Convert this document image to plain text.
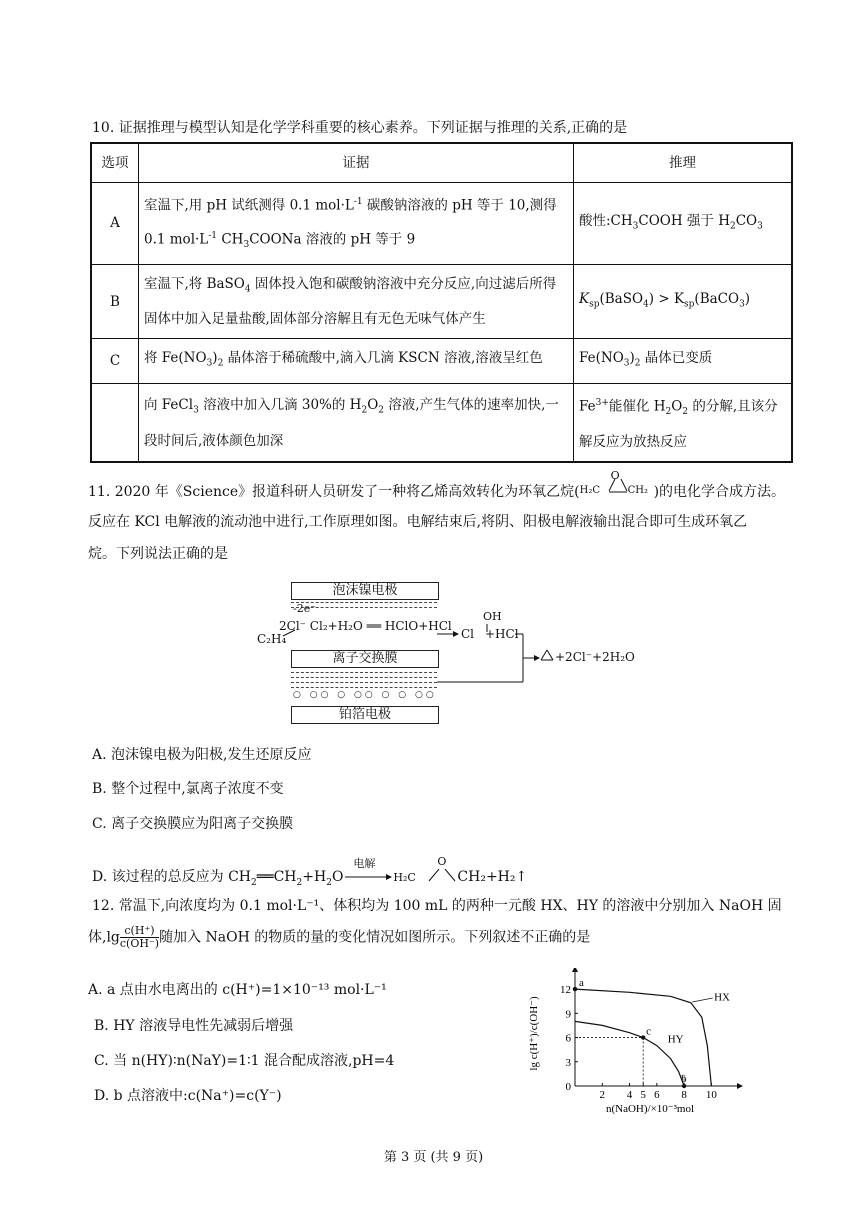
10. 证据推理与模型认知是化学学科重要的核心素养。下列证据与推理的关系,正确的是
选项	证据	推理
A	室温下,用 pH 试纸测得 0.1 $mol\cdot L^{-1}$ 碳酸钠溶液的 pH 等于 10,测得 0.1 $mol\cdot L^{-1}$ $CH_3COONa$ 溶液的 pH 等于 9	酸性$:CH_3COOH$ 强于 $H_2CO_3$
B	室温下,将 BaSO$_4$ 固体投入饱和碳酸钠溶液中充分反应,向过滤后所得固体中加入足量盐酸,固体部分溶解且有无色无味气体产生	$K_{sp}(BaSO_4)$ > $K_{sp}(BaCO_3)$
C	将 $Fe(NO_3)_2$ 晶体溶于稀硫酸中,滴入几滴 KSCN 溶液,溶液呈红色	$Fe(NO_3)_2$ 晶体已变质
	向 FeCl$_3$ 溶液中加入几滴 30%的 $H_2O_2$ 溶液,产生气体的速率加快,一段时间后,液体颜色加深	$Fe^{3+}$能催化 $H_2O_2$ 的分解,且该分解反应为放热反应
11. 2020 年《Science》报道科研人员研发了一种将乙烯高效转化为环氧乙烷(
O
H₂C	CH₂ )的电化学合成方法。
反应在 KCl 电解液的流动池中进行,工作原理如图。电解结束后,将阴、阳极电解液输出混合即可生成环氧乙
烷。下列说法正确的是
泡沫镍电极
-2e⁻
2Cl⁻ Cl₂+H₂O ══ HClO+HCl
C₂H₄	Cl
OH
+HCl
+2Cl⁻+2H₂O
离子交换膜
○ ○○ ○ ○○ ○ ○ ○○
铂箔电极
A. 泡沫镍电极为阳极,发生还原反应
B. 整个过程中,氯离子浓度不变
C. 离子交换膜应为阳离子交换膜
D. 该过程的总反应为 $CH_2══CH_2+H_2O$
电解
H₂C
O
CH₂+H₂↑
12. 常温下,向浓度均为 0.1 mol·L⁻¹、体积均为 100 mL 的两种一元酸 HX、HY 的溶液中分别加入 NaOH 固
体$,\lg \frac{c(H^+)}{c(OH^-)}$ 随加入 NaOH 的物质的量的变化情况如图所示。下列叙述不正确的是
A. a 点由水电离出的 c(H⁺)=1×10⁻¹³ mol·L⁻¹
B. HY 溶液导电性先减弱后增强
C. 当 n(HY)∶n(NaY)=1∶1 混合配成溶液,pH=4
D. b 点溶液中:c(Na⁺)=c(Y⁻)	2 4 5 6 8 10
0
3
6
9
12
n(NaOH)/×10⁻³mol
lg c(H⁺)/c(OH⁻)	HX
HY
a
c
b
第 3 页 (共 9 页)
